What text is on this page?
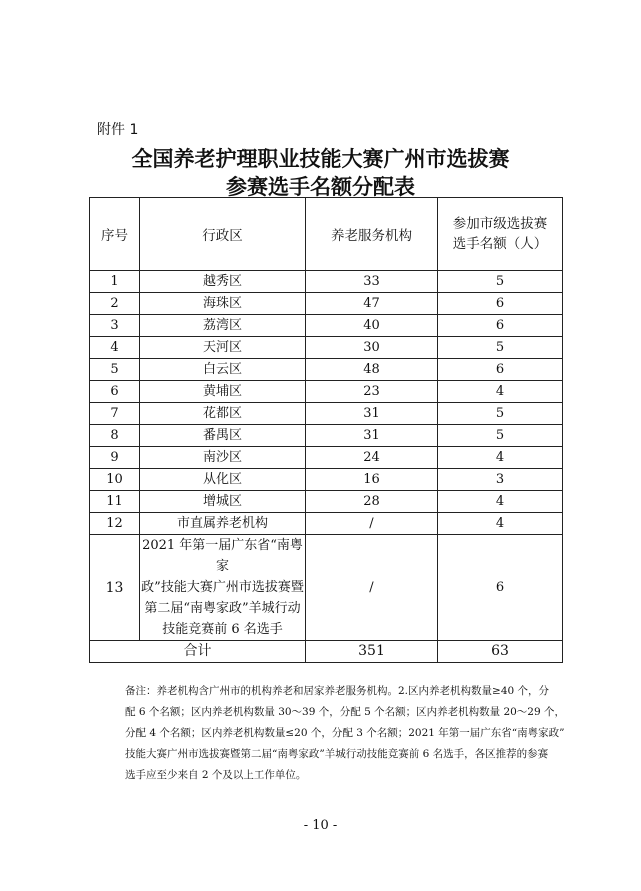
附件 1
全国养老护理职业技能大赛广州市选拔赛
参赛选手名额分配表
序号	行政区	养老服务机构	参加市级选拔赛
选手名额（人）

1	越秀区	33	5
2	海珠区	47	6
3	荔湾区	40	6
4	天河区	30	5
5	白云区	48	6
6	黄埔区	23	4
7	花都区	31	5
8	番禺区	31	5
9	南沙区	24	4
10	从化区	16	3
11	增城区	28	4
12	市直属养老机构	/	4
13	2021 年第一届广东省“南粤家
政”技能大赛广州市选拔赛暨
第二届“南粤家政”羊城行动
技能竞赛前 6 名选手	/	6
合计		351	63
备注：养老机构含广州市的机构养老和居家养老服务机构。2.区内养老机构数量≥40 个，分
配 6 个名额；区内养老机构数量 30～39 个，分配 5 个名额；区内养老机构数量 20～29 个，
分配 4 个名额；区内养老机构数量≤20 个，分配 3 个名额；2021 年第一届广东省“南粤家政”
技能大赛广州市选拔赛暨第二届“南粤家政”羊城行动技能竞赛前 6 名选手，各区推荐的参赛
选手应至少来自 2 个及以上工作单位。
- 10 -
